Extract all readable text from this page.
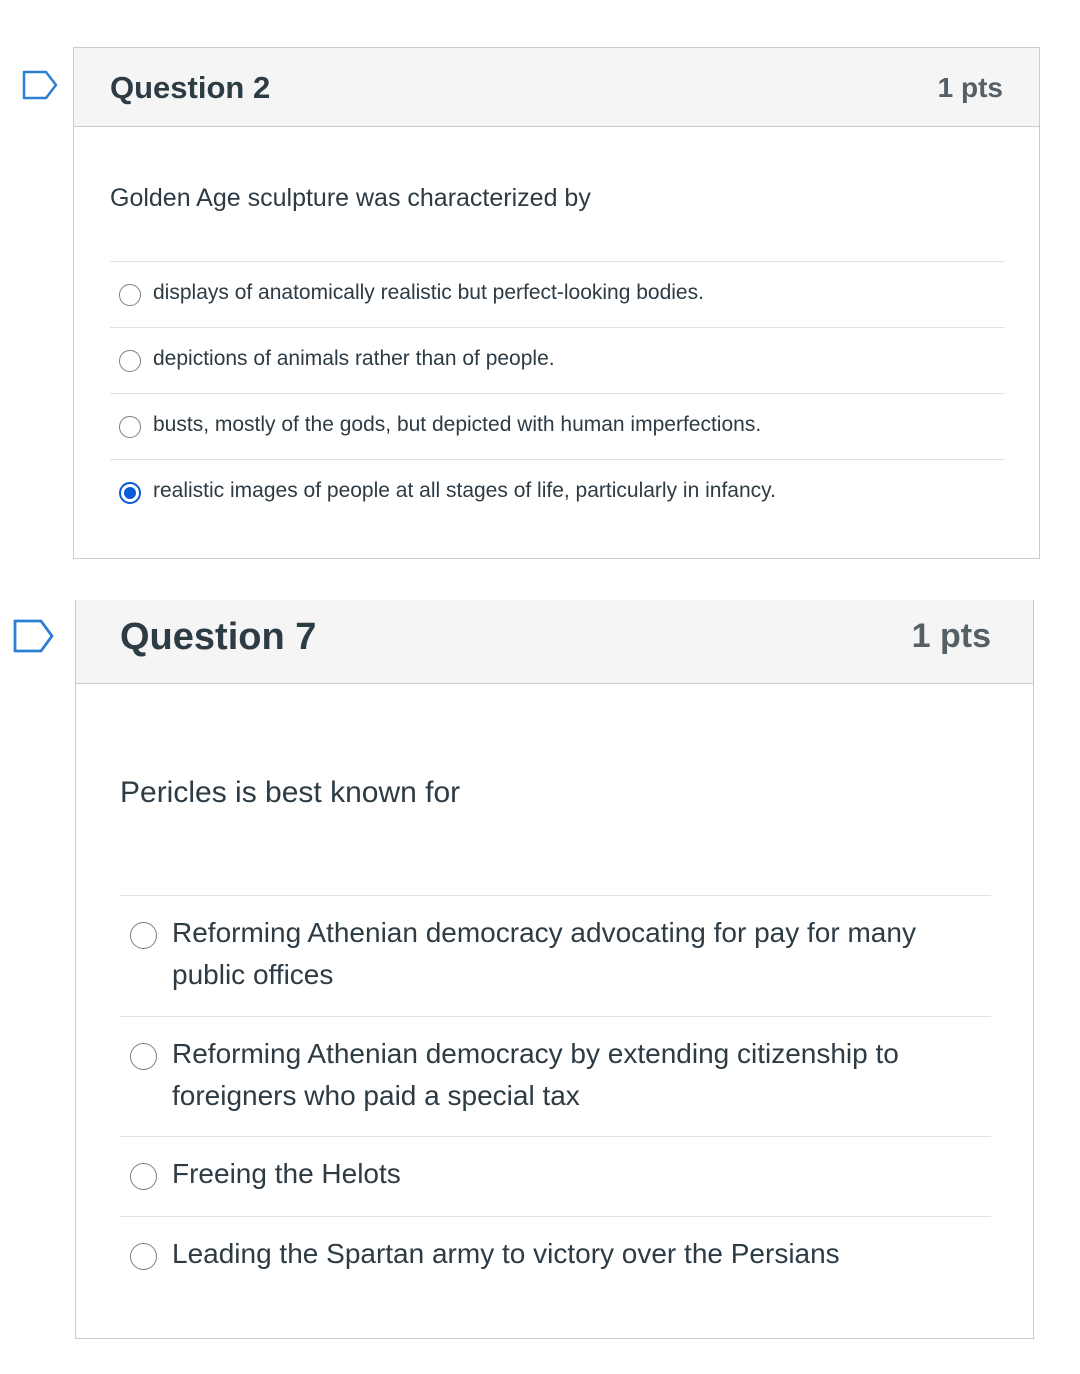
Question 2	1 pts
Golden Age sculpture was characterized by
displays of anatomically realistic but perfect-looking bodies.
depictions of animals rather than of people.
busts, mostly of the gods, but depicted with human imperfections.
realistic images of people at all stages of life, particularly in infancy.
Question 7	1 pts
Pericles is best known for
Reforming Athenian democracy advocating for pay for many public offices
Reforming Athenian democracy by extending citizenship to foreigners who paid a special tax
Freeing the Helots
Leading the Spartan army to victory over the Persians
